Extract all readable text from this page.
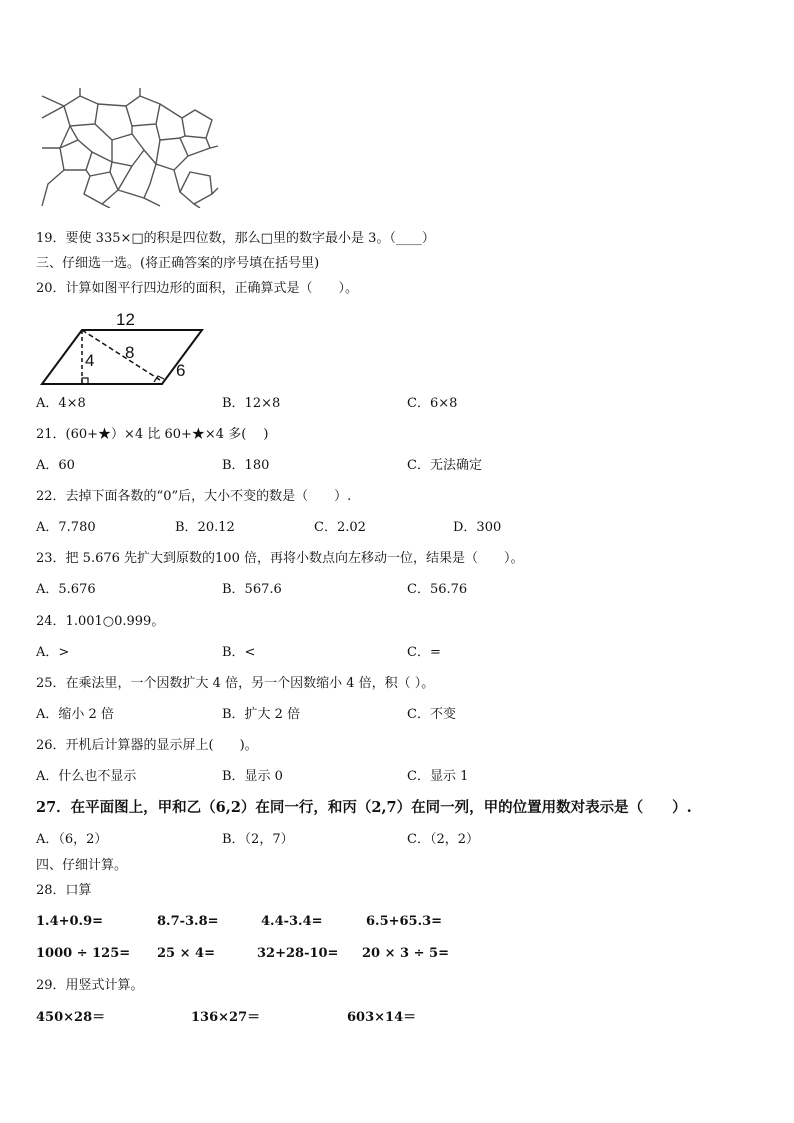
19．要使 335×□的积是四位数，那么□里的数字最小是 3。（____）
三、仔细选一选。(将正确答案的序号填在括号里)
20．计算如图平行四边形的面积，正确算式是（　　）。
12
4 8
6
A．4×8	B．12×8	C．6×8
21．(60+★）×4 比 60+★×4 多(　 )
A．60	B．180	C．无法确定
22．去掉下面各数的“0”后，大小不变的数是（　　）.
A．7.780	B．20.12	C．2.02	D．300
23．把 5.676 先扩大到原数的100 倍，再将小数点向左移动一位，结果是（　　）。
A．5.676	B．567.6	C．56.76
24．1.001○0.999。
A．>	B．<	C．=
25．在乘法里，一个因数扩大 4 倍，另一个因数缩小 4 倍，积（ ）。
A．缩小 2 倍	B．扩大 2 倍	C．不变
26．开机后计算器的显示屏上(　　)。
A．什么也不显示	B．显示 0	C．显示 1
27．在平面图上，甲和乙（6,2）在同一行，和丙（2,7）在同一列，甲的位置用数对表示是（　　）.
A．（6，2）	B．（2，7）	C．（2，2）
四、仔细计算。
28．口算
1.4+0.9=	8.7-3.8=	4.4-3.4=	6.5+65.3=
1000 ÷ 125= 25 × 4=	32+28-10= 20 × 3 ÷ 5=
29．用竖式计算。
450×28＝	136×27＝	603×14＝
